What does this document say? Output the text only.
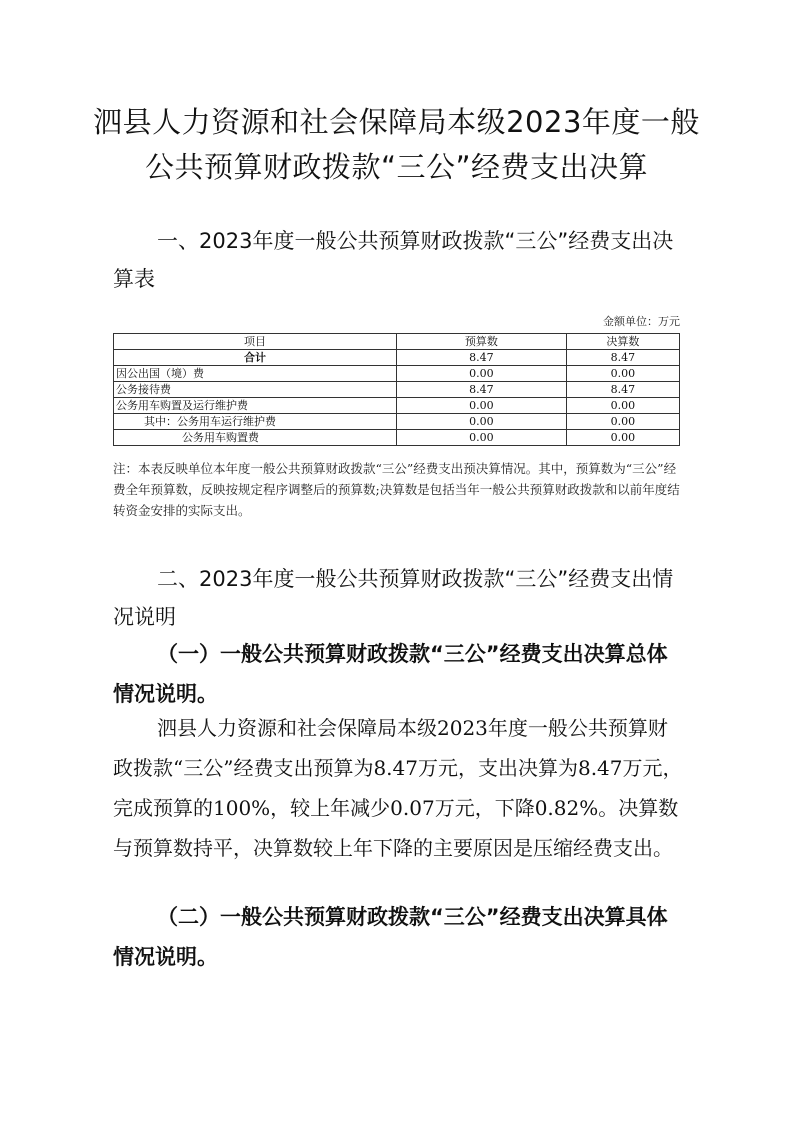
泗县人力资源和社会保障局本级2023年度一般
公共预算财政拨款“三公”经费支出决算
一、2023年度一般公共预算财政拨款“三公”经费支出决算表
金额单位：万元
项目	预算数	决算数
合计	8.47	8.47
因公出国（境）费	0.00	0.00
公务接待费	8.47	8.47
公务用车购置及运行维护费	0.00	0.00
其中：公务用车运行维护费	0.00	0.00
公务用车购置费	0.00	0.00
注：本表反映单位本年度一般公共预算财政拨款“三公”经费支出预决算情况。其中，预算数为“三公”经费全年预算数，反映按规定程序调整后的预算数;决算数是包括当年一般公共预算财政拨款和以前年度结转资金安排的实际支出。
二、2023年度一般公共预算财政拨款“三公”经费支出情况说明
（一）一般公共预算财政拨款“三公”经费支出决算总体情况说明。
泗县人力资源和社会保障局本级2023年度一般公共预算财政拨款“三公”经费支出预算为8.47万元，支出决算为8.47万元，完成预算的100%，较上年减少0.07万元，下降0.82%。决算数与预算数持平，决算数较上年下降的主要原因是压缩经费支出。
（二）一般公共预算财政拨款“三公”经费支出决算具体情况说明。
